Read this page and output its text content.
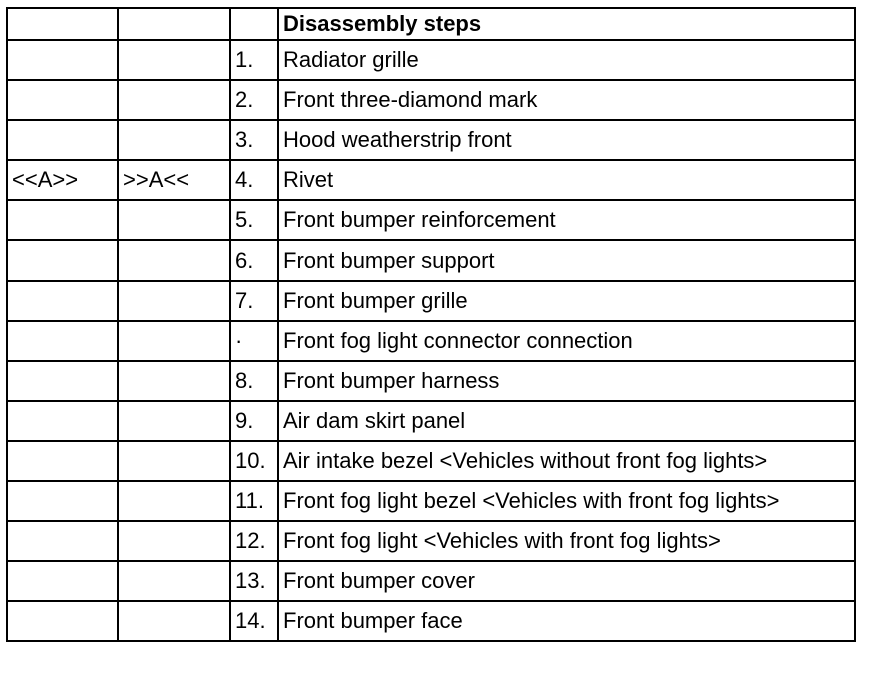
			Disassembly steps
		1.	Radiator grille
		2.	Front three-diamond mark
		3.	Hood weatherstrip front
<<A>>	>>A<<	4.	Rivet
		5.	Front bumper reinforcement
		6.	Front bumper support
		7.	Front bumper grille
		·	Front fog light connector connection
		8.	Front bumper harness
		9.	Air dam skirt panel
		10.	Air intake bezel <Vehicles without front fog lights>
		11.	Front fog light bezel <Vehicles with front fog lights>
		12.	Front fog light <Vehicles with front fog lights>
		13.	Front bumper cover
		14.	Front bumper face
